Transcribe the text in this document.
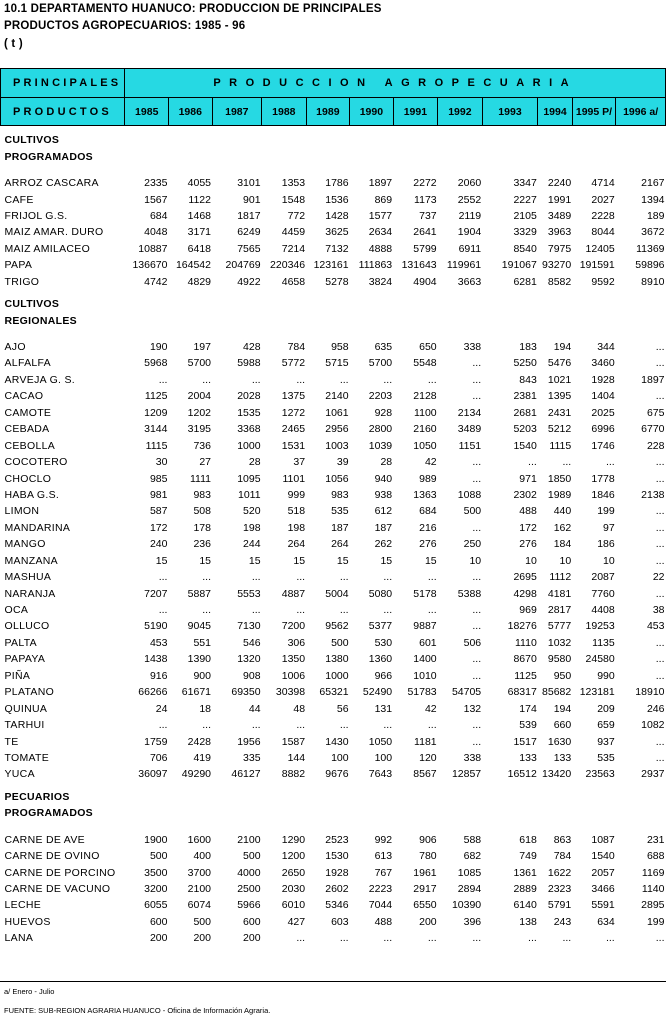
10.1 DEPARTAMENTO HUANUCO: PRODUCCION DE PRINCIPALES
PRODUCTOS AGROPECUARIOS: 1985 - 96
( t )
PRINCIPALES	PRODUCCION AGROPECUARIA											
PRODUCTOS	1985	1986	1987	1988	1989	1990	1991	1992	1993	1994	1995 P/	1996 a/

CULTIVOS												
PROGRAMADOS												

ARROZ CASCARA	2335	4055	3101	1353	1786	1897	2272	2060	3347	2240	4714	2167
CAFE	1567	1122	901	1548	1536	869	1173	2552	2227	1991	2027	1394
FRIJOL G.S.	684	1468	1817	772	1428	1577	737	2119	2105	3489	2228	189
MAIZ AMAR. DURO	4048	3171	6249	4459	3625	2634	2641	1904	3329	3963	8044	3672
MAIZ AMILACEO	10887	6418	7565	7214	7132	4888	5799	6911	8540	7975	12405	11369
PAPA	136670	164542	204769	220346	123161	111863	131643	119961	191067	93270	191591	59896
TRIGO	4742	4829	4922	4658	5278	3824	4904	3663	6281	8582	9592	8910

CULTIVOS												
REGIONALES												

AJO	190	197	428	784	958	635	650	338	183	194	344	...
ALFALFA	5968	5700	5988	5772	5715	5700	5548	...	5250	5476	3460	...
ARVEJA G. S.	...	...	...	...	...	...	...	...	843	1021	1928	1897
CACAO	1125	2004	2028	1375	2140	2203	2128	...	2381	1395	1404	...
CAMOTE	1209	1202	1535	1272	1061	928	1100	2134	2681	2431	2025	675
CEBADA	3144	3195	3368	2465	2956	2800	2160	3489	5203	5212	6996	6770
CEBOLLA	1115	736	1000	1531	1003	1039	1050	1151	1540	1115	1746	228
COCOTERO	30	27	28	37	39	28	42	...	...	...	...	...
CHOCLO	985	1111	1095	1101	1056	940	989	...	971	1850	1778	...
HABA G.S.	981	983	1011	999	983	938	1363	1088	2302	1989	1846	2138
LIMON	587	508	520	518	535	612	684	500	488	440	199	...
MANDARINA	172	178	198	198	187	187	216	...	172	162	97	...
MANGO	240	236	244	264	264	262	276	250	276	184	186	...
MANZANA	15	15	15	15	15	15	15	10	10	10	10	...
MASHUA	...	...	...	...	...	...	...	...	2695	1112	2087	22
NARANJA	7207	5887	5553	4887	5004	5080	5178	5388	4298	4181	7760	...
OCA	...	...	...	...	...	...	...	...	969	2817	4408	38
OLLUCO	5190	9045	7130	7200	9562	5377	9887	...	18276	5777	19253	453
PALTA	453	551	546	306	500	530	601	506	1110	1032	1135	...
PAPAYA	1438	1390	1320	1350	1380	1360	1400	...	8670	9580	24580	...
PIÑA	916	900	908	1006	1000	966	1010	...	1125	950	990	...
PLATANO	66266	61671	69350	30398	65321	52490	51783	54705	68317	85682	123181	18910
QUINUA	24	18	44	48	56	131	42	132	174	194	209	246
TARHUI	...	...	...	...	...	...	...	...	539	660	659	1082
TE	1759	2428	1956	1587	1430	1050	1181	...	1517	1630	937	...
TOMATE	706	419	335	144	100	100	120	338	133	133	535	...
YUCA	36097	49290	46127	8882	9676	7643	8567	12857	16512	13420	23563	2937

PECUARIOS												
PROGRAMADOS												

CARNE DE AVE	1900	1600	2100	1290	2523	992	906	588	618	863	1087	231
CARNE DE OVINO	500	400	500	1200	1530	613	780	682	749	784	1540	688
CARNE DE PORCINO	3500	3700	4000	2650	1928	767	1961	1085	1361	1622	2057	1169
CARNE DE VACUNO	3200	2100	2500	2030	2602	2223	2917	2894	2889	2323	3466	1140
LECHE	6055	6074	5966	6010	5346	7044	6550	10390	6140	5791	5591	2895
HUEVOS	600	500	600	427	603	488	200	396	138	243	634	199
LANA	200	200	200	...	...	...	...	...	...	...	...	...
a/ Enero - Julio
FUENTE: SUB-REGION AGRARIA HUANUCO - Oficina de Información Agraria.
